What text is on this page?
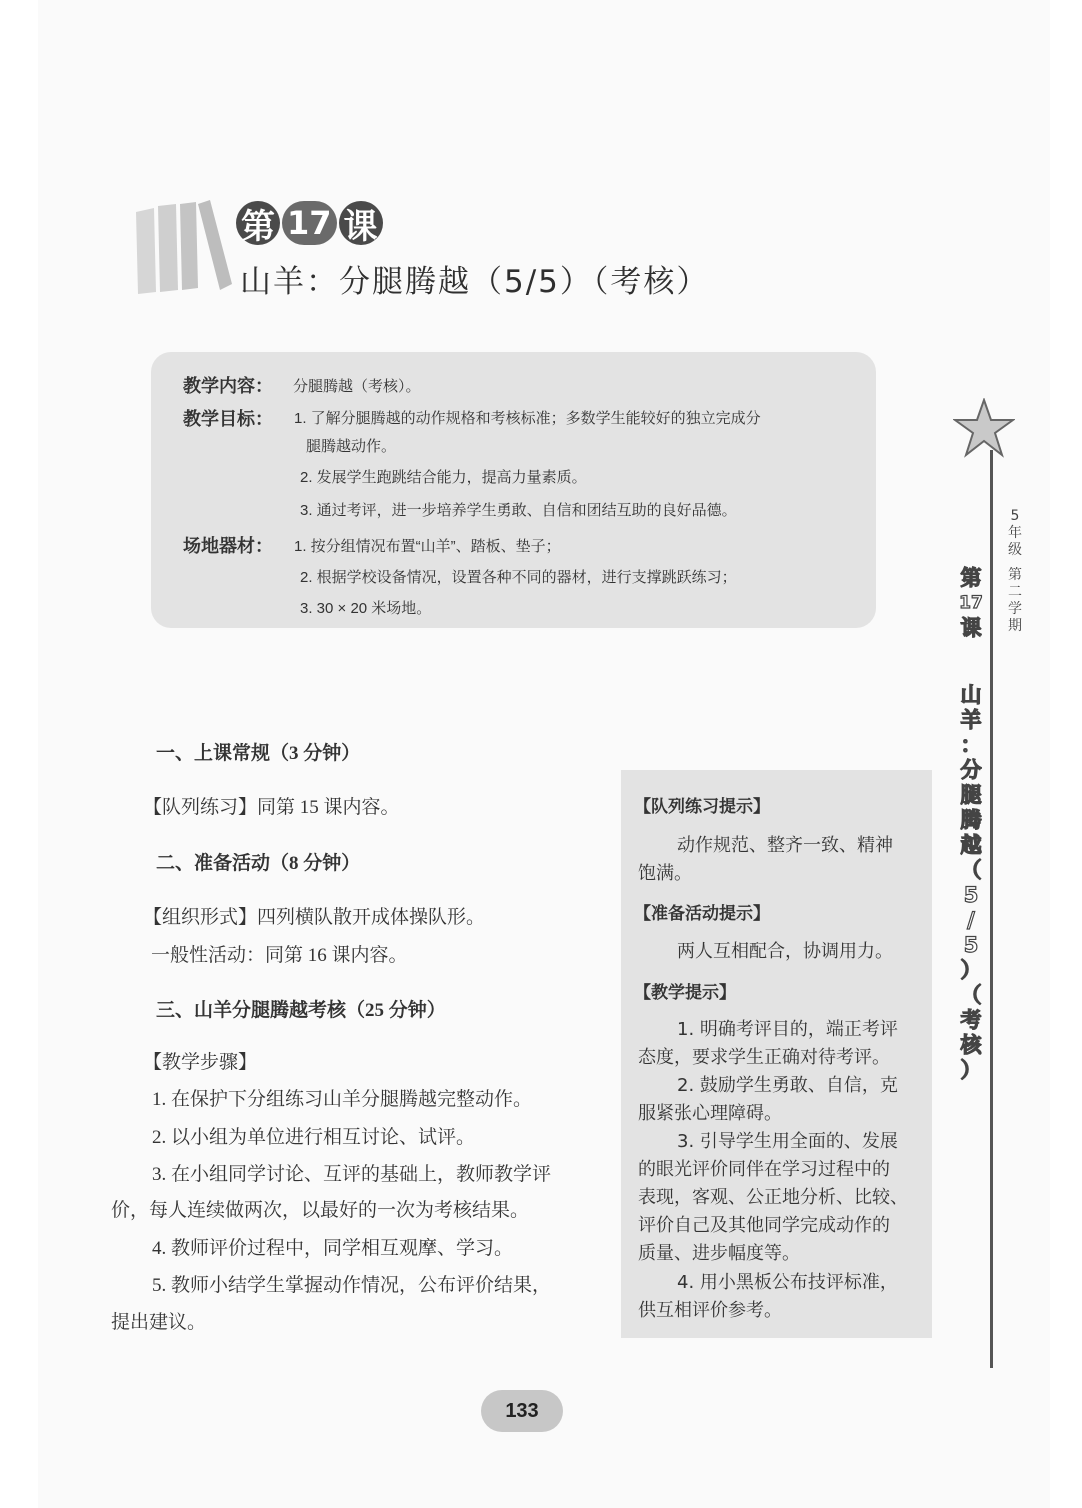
第 17 课
山羊：分腿腾越（5/5）（考核）
教学内容： 分腿腾越（考核）。
教学目标： 1. 了解分腿腾越的动作规格和考核标准；多数学生能较好的独立完成分
腿腾越动作。
2. 发展学生跑跳结合能力，提高力量素质。
3. 通过考评，进一步培养学生勇敢、自信和团结互助的良好品德。
场地器材： 1. 按分组情况布置“山羊”、踏板、垫子；
2. 根据学校设备情况，设置各种不同的器材，进行支撑跳跃练习；
3. 30 × 20 米场地。
5
年
级
第
二
学
期
第
17
课
山
羊
：
分
腿
腾
越
（
5
/
5
）
（
考
核
）
一、上课常规（3 分钟）
【队列练习】同第 15 课内容。
二、准备活动（8 分钟）
【组织形式】四列横队散开成体操队形。
一般性活动：同第 16 课内容。
三、山羊分腿腾越考核（25 分钟）
【教学步骤】
1. 在保护下分组练习山羊分腿腾越完整动作。
2. 以小组为单位进行相互讨论、试评。
3. 在小组同学讨论、互评的基础上，教师教学评
价，每人连续做两次，以最好的一次为考核结果。
4. 教师评价过程中，同学相互观摩、学习。
5. 教师小结学生掌握动作情况，公布评价结果，
提出建议。
【队列练习提示】
动作规范、整齐一致、精神
饱满。
【准备活动提示】
两人互相配合，协调用力。
【教学提示】
1. 明确考评目的，端正考评
态度，要求学生正确对待考评。
2. 鼓励学生勇敢、自信，克
服紧张心理障碍。
3. 引导学生用全面的、发展
的眼光评价同伴在学习过程中的
表现，客观、公正地分析、比较、
评价自己及其他同学完成动作的
质量、进步幅度等。
4. 用小黑板公布技评标准，
供互相评价参考。
133
